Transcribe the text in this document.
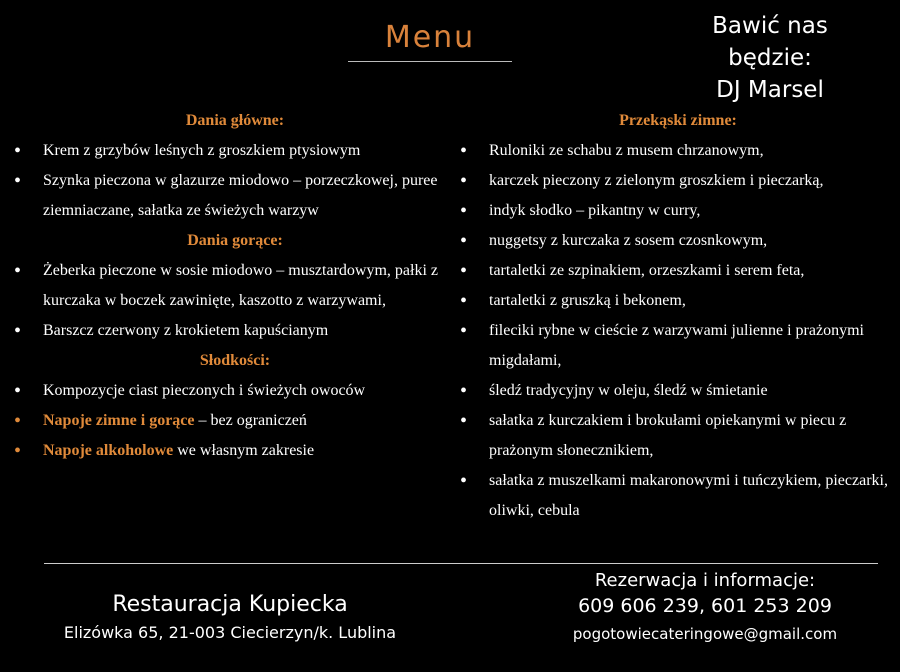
Menu	Bawić nas będzie:
DJ Marsel
Dania główne:
• Krem z grzybów leśnych z groszkiem ptysiowym
• Szynka pieczona w glazurze miodowo – porzeczkowej, puree ziemniaczane, sałatka ze świeżych warzyw
Dania gorące:
• Żeberka pieczone w sosie miodowo – musztardowym, pałki z kurczaka w boczek zawinięte, kaszotto z warzywami,
• Barszcz czerwony z krokietem kapuścianym
Słodkości:
• Kompozycje ciast pieczonych i świeżych owoców
• Napoje zimne i gorące – bez ograniczeń
• Napoje alkoholowe we własnym zakresie
Przekąski zimne:
• Ruloniki ze schabu z musem chrzanowym,
• karczek pieczony z zielonym groszkiem i pieczarką,
• indyk słodko – pikantny w curry,
• nuggetsy z kurczaka z sosem czosnkowym,
• tartaletki ze szpinakiem, orzeszkami i serem feta,
• tartaletki z gruszką i bekonem,
• fileciki rybne w cieście z warzywami julienne i prażonymi migdałami,
• śledź tradycyjny w oleju, śledź w śmietanie
• sałatka z kurczakiem i brokułami opiekanymi w piecu z prażonym słonecznikiem,
• sałatka z muszelkami makaronowymi i tuńczykiem, pieczarki, oliwki, cebula
Restauracja Kupiecka
Elizówka 65, 21-003 Ciecierzyn/k. Lublina
Rezerwacja i informacje:
609 606 239, 601 253 209
pogotowiecateringowe@gmail.com
